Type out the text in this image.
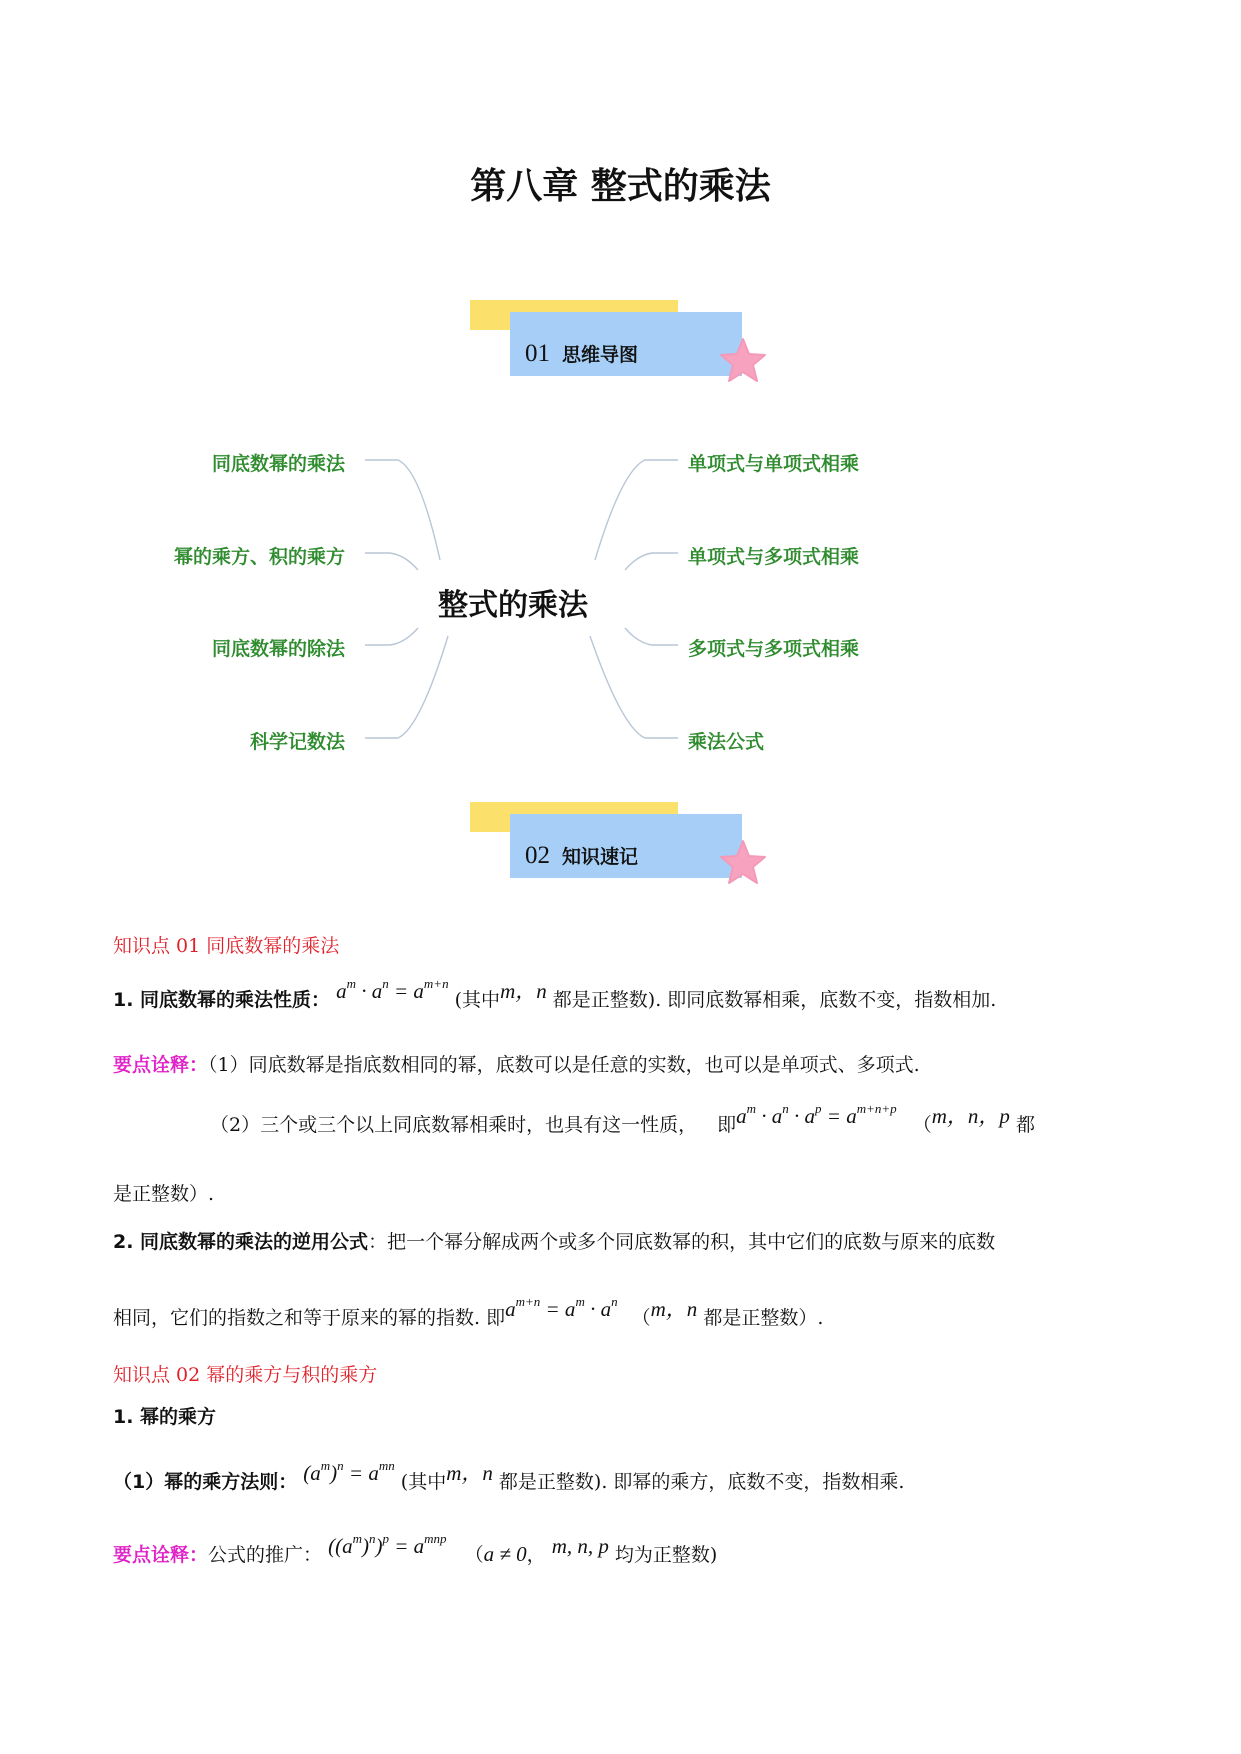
第八章 整式的乘法
01 思维导图
整式的乘法
同底数幂的乘法
幂的乘方、积的乘方
同底数幂的除法
科学记数法
单项式与单项式相乘
单项式与多项式相乘
多项式与多项式相乘
乘法公式
02 知识速记
知识点 01 同底数幂的乘法
1. 同底数幂的乘法性质： $a^m \cdot a^n = a^{m+n}$ (其中m，n 都是正整数). 即同底数幂相乘，底数不变，指数相加.
要点诠释：（1）同底数幂是指底数相同的幂，底数可以是任意的实数，也可以是单项式、多项式.
（2）三个或三个以上同底数幂相乘时，也具有这一性质， 即$a^m \cdot a^n \cdot a^p = a^{m+n+p}$ （m，n，p 都
是正整数）.
2. 同底数幂的乘法的逆用公式：把一个幂分解成两个或多个同底数幂的积，其中它们的底数与原来的底数
相同，它们的指数之和等于原来的幂的指数. 即$a^{m+n} = a^m \cdot a^n$ （m，n 都是正整数）.
知识点 02 幂的乘方与积的乘方
1. 幂的乘方
（1）幂的乘方法则： $(a^m)^n = a^{mn}$ (其中m，n 都是正整数). 即幂的乘方，底数不变，指数相乘.
要点诠释：公式的推广： $((a^m)^n)^p = a^{mnp}$ （a ≠ 0， m, n, p 均为正整数)
